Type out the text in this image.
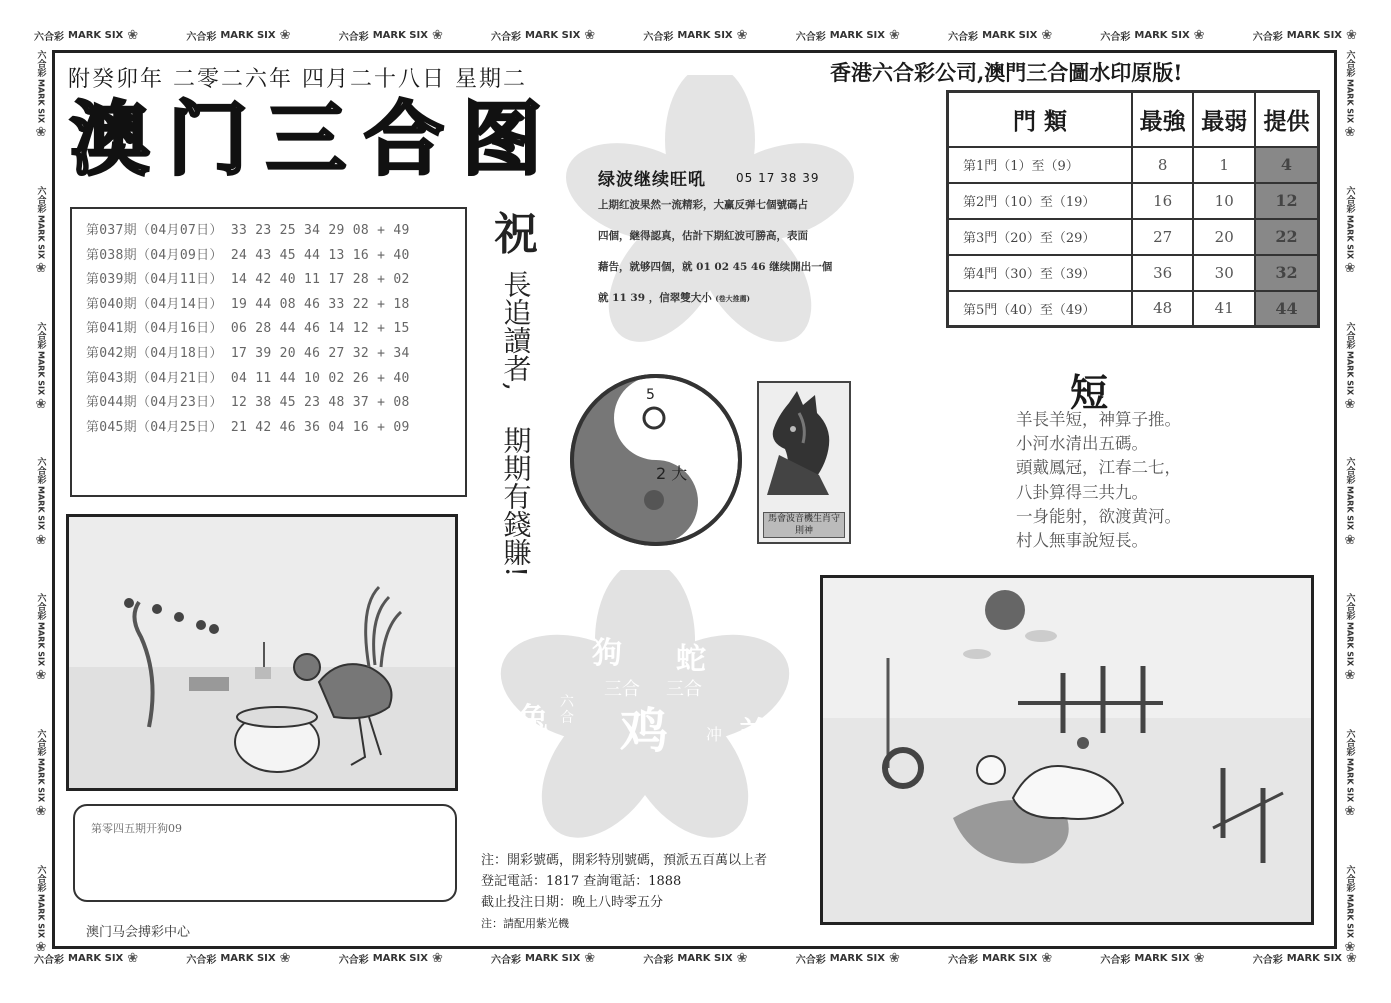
六合彩 MARK SIX ❀	六合彩 MARK SIX ❀	六合彩 MARK SIX ❀	六合彩 MARK SIX ❀	六合彩 MARK SIX ❀	六合彩 MARK SIX ❀	六合彩 MARK SIX ❀	六合彩 MARK SIX ❀	六合彩 MARK SIX ❀
六合彩 MARK SIX ❀	六合彩 MARK SIX ❀	六合彩 MARK SIX ❀	六合彩 MARK SIX ❀	六合彩 MARK SIX ❀	六合彩 MARK SIX ❀	六合彩 MARK SIX ❀	六合彩 MARK SIX ❀	六合彩 MARK SIX ❀
六合彩
MARK SIX
❀
六合彩
MARK SIX
❀
六合彩
MARK SIX
❀
六合彩
MARK SIX
❀
六合彩
MARK SIX
❀
六合彩
MARK SIX
❀
六合彩
MARK SIX
❀
六合彩
MARK SIX
❀
六合彩
MARK SIX
❀
六合彩
MARK SIX
❀
六合彩
MARK SIX
❀
六合彩
MARK SIX
❀
六合彩
MARK SIX
❀
六合彩
MARK SIX
❀
附癸卯年 二零二六年 四月二十八日 星期二
澳门三合图
香港六合彩公司,澳門三合圖水印原版!
第037期（04月07日） 33 23 25 34 29 08 + 49
第038期（04月09日） 24 43 45 44 13 16 + 40
第039期（04月11日） 14 42 40 11 17 28 + 02
第040期（04月14日） 19 44 08 46 33 22 + 18
第041期（04月16日） 06 28 44 46 14 12 + 15
第042期（04月18日） 17 39 20 46 27 32 + 34
第043期（04月21日） 04 11 44 10 02 26 + 40
第044期（04月23日） 12 38 45 23 48 37 + 08
第045期（04月25日） 21 42 46 36 04 16 + 09
祝
長追讀者,
期期有錢賺!
绿波继续旺吼	05 17 38 39
上期红波果然一流精彩，大赢反弹七個號碼占
四個，継得認真，估計下期紅波可勝高，表面
藉告，就够四個，就 01 02 45 46 继续開出一個
就 11 39 ，信翠雙大小 (卷大推薦)
5
2 大
馬會波音機生肖守則神
門 類	最強	最弱	提供
第1門（1）至（9）	8	1	4
第2門（10）至（19）	16	10	12
第3門（20）至（29）	27	20	22
第4門（30）至（39）	36	30	32
第5門（40）至（49）	48	41	44
短
羊長羊短，神算子推。
小河水清出五碼。
頭戴鳳冠，江春二七，
八卦算得三共九。
一身能射，欲渡黄河。
村人無事說短長。
狗 蛇
三合 三合
兔 六合 鸡 冲 羊
第零四五期开狗09
澳门马会搏彩中心
注：開彩號碼，開彩特別號碼，預派五百萬以上者
登記電話：1817 查詢電話：1888
截止投注日期：晚上八時零五分
注：請配用紫光機
